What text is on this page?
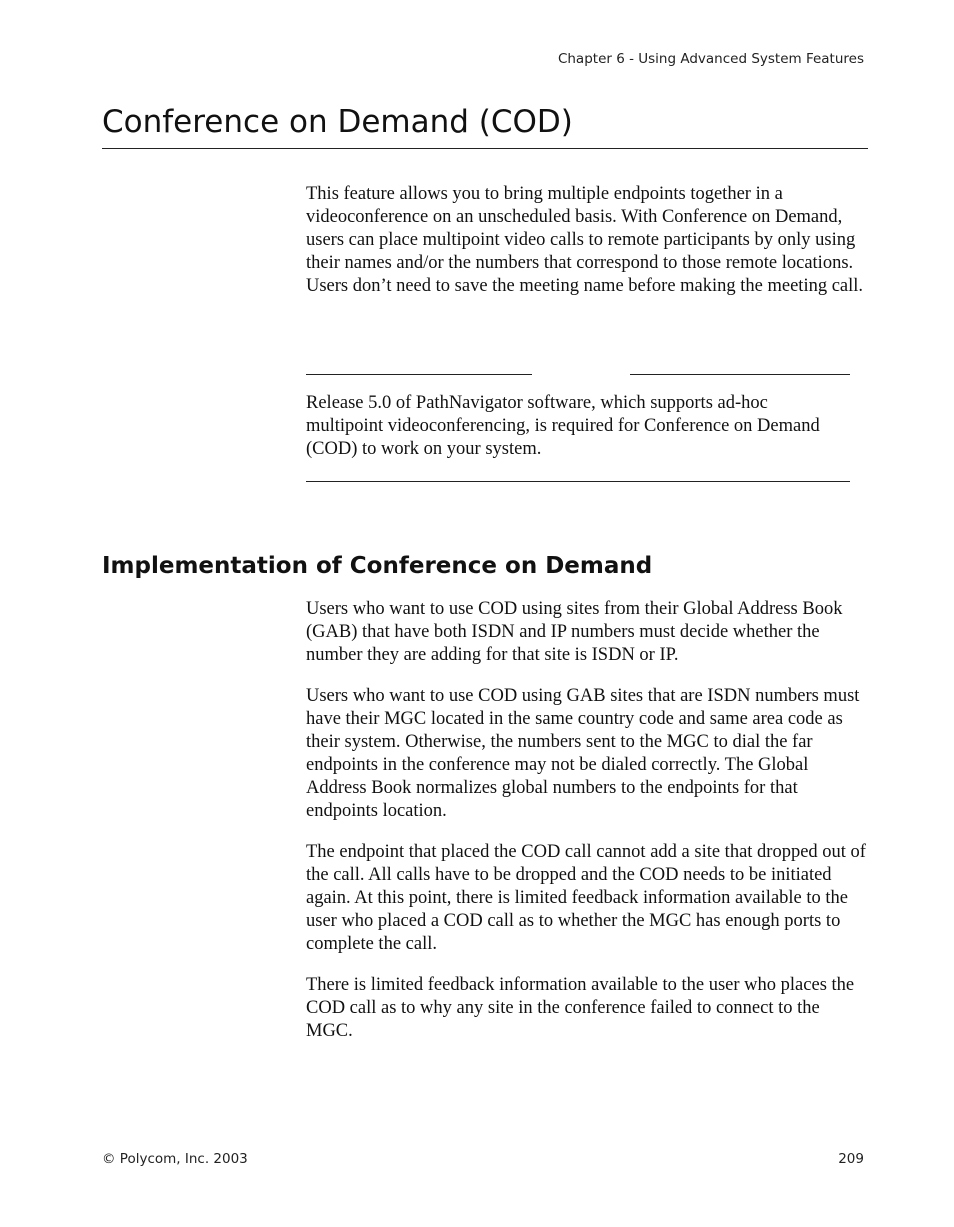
Chapter 6 - Using Advanced System Features
Conference on Demand (COD)

This feature allows you to bring multiple endpoints together in a videoconference on an unscheduled basis. With Conference on Demand, users can place multipoint video calls to remote participants by only using their names and/or the numbers that correspond to those remote locations. Users don’t need to save the meeting name before making the meeting call.

Release 5.0 of PathNavigator software, which supports ad-hoc multipoint videoconferencing, is required for Conference on Demand (COD) to work on your system.

Implementation of Conference on Demand

Users who want to use COD using sites from their Global Address Book (GAB) that have both ISDN and IP numbers must decide whether the number they are adding for that site is ISDN or IP.

Users who want to use COD using GAB sites that are ISDN numbers must have their MGC located in the same country code and same area code as their system. Otherwise, the numbers sent to the MGC to dial the far endpoints in the conference may not be dialed correctly. The Global Address Book normalizes global numbers to the endpoints for that endpoints location.

The endpoint that placed the COD call cannot add a site that dropped out of the call. All calls have to be dropped and the COD needs to be initiated again. At this point, there is limited feedback information available to the user who placed a COD call as to whether the MGC has enough ports to complete the call.

There is limited feedback information available to the user who places the COD call as to why any site in the conference failed to connect to the MGC.

© Polycom, Inc. 2003	209
